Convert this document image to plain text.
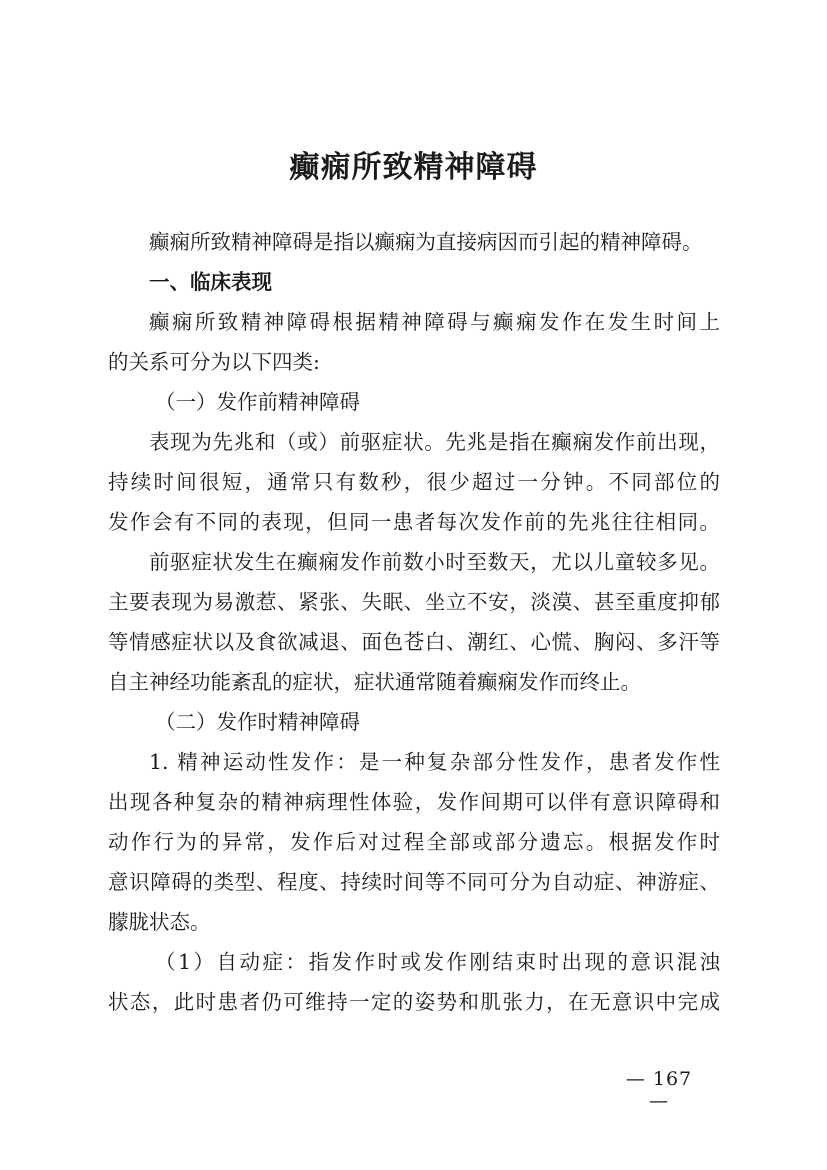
癫痫所致精神障碍
癫痫所致精神障碍是指以癫痫为直接病因而引起的精神障碍。
一、临床表现
癫痫所致精神障碍根据精神障碍与癫痫发作在发生时间上
的关系可分为以下四类:
（一）发作前精神障碍
表现为先兆和（或）前驱症状。先兆是指在癫痫发作前出现，
持续时间很短，通常只有数秒，很少超过一分钟。不同部位的
发作会有不同的表现，但同一患者每次发作前的先兆往往相同。
前驱症状发生在癫痫发作前数小时至数天，尤以儿童较多见。
主要表现为易激惹、紧张、失眠、坐立不安，淡漠、甚至重度抑郁
等情感症状以及食欲减退、面色苍白、潮红、心慌、胸闷、多汗等
自主神经功能紊乱的症状，症状通常随着癫痫发作而终止。
（二）发作时精神障碍
1. 精神运动性发作：是一种复杂部分性发作，患者发作性
出现各种复杂的精神病理性体验，发作间期可以伴有意识障碍和
动作行为的异常，发作后对过程全部或部分遗忘。根据发作时
意识障碍的类型、程度、持续时间等不同可分为自动症、神游症、
朦胧状态。
（1）自动症：指发作时或发作刚结束时出现的意识混浊
状态，此时患者仍可维持一定的姿势和肌张力，在无意识中完成
— 167 —
